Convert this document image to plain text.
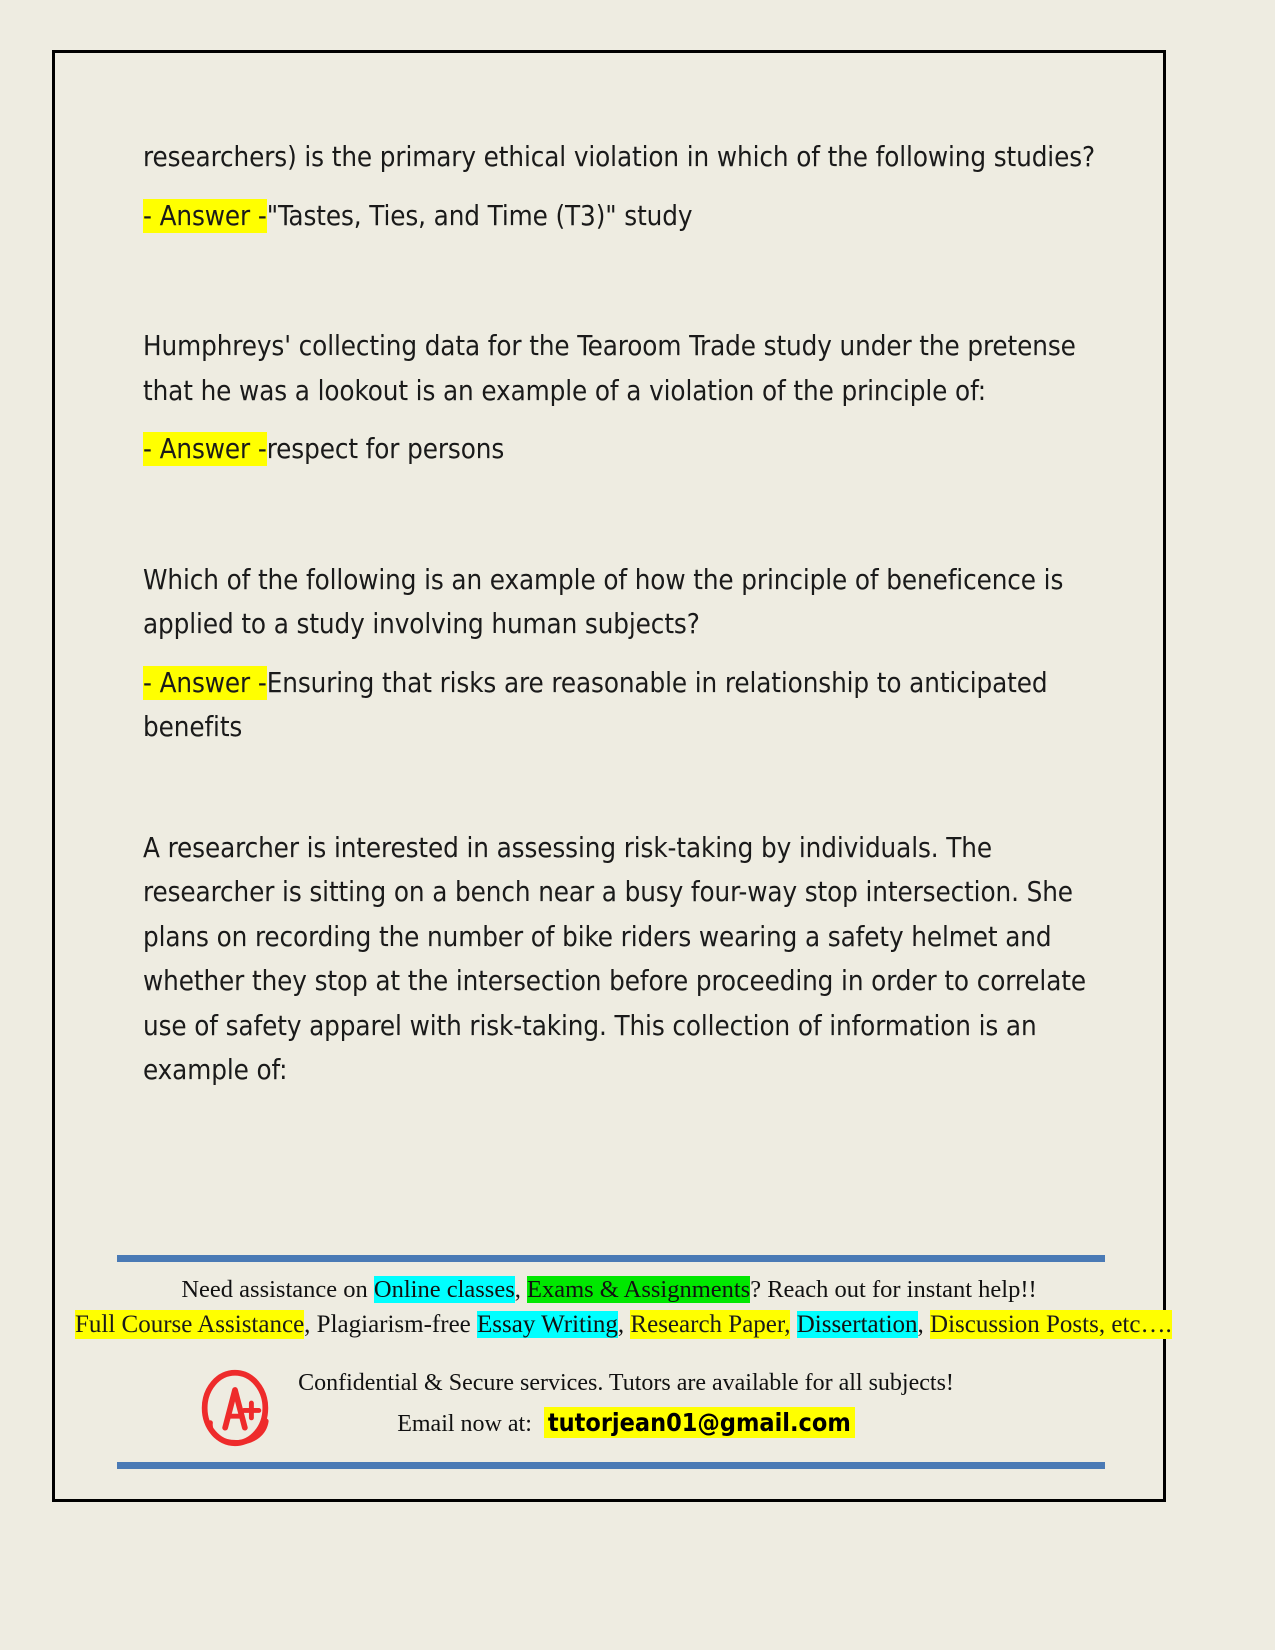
researchers) is the primary ethical violation in which of the following studies?
- Answer -"Tastes, Ties, and Time (T3)" study
Humphreys' collecting data for the Tearoom Trade study under the pretense that he was a lookout is an example of a violation of the principle of:
- Answer -respect for persons
Which of the following is an example of how the principle of beneficence is applied to a study involving human subjects?
- Answer -Ensuring that risks are reasonable in relationship to anticipated benefits
A researcher is interested in assessing risk-taking by individuals. The researcher is sitting on a bench near a busy four-way stop intersection. She plans on recording the number of bike riders wearing a safety helmet and whether they stop at the intersection before proceeding in order to correlate use of safety apparel with risk-taking. This collection of information is an example of:
Need assistance on Online classes, Exams & Assignments? Reach out for instant help!!
Full Course Assistance, Plagiarism-free Essay Writing, Research Paper, Dissertation, Discussion Posts, etc….
Confidential & Secure services. Tutors are available for all subjects!
Email now at: tutorjean01@gmail.com
